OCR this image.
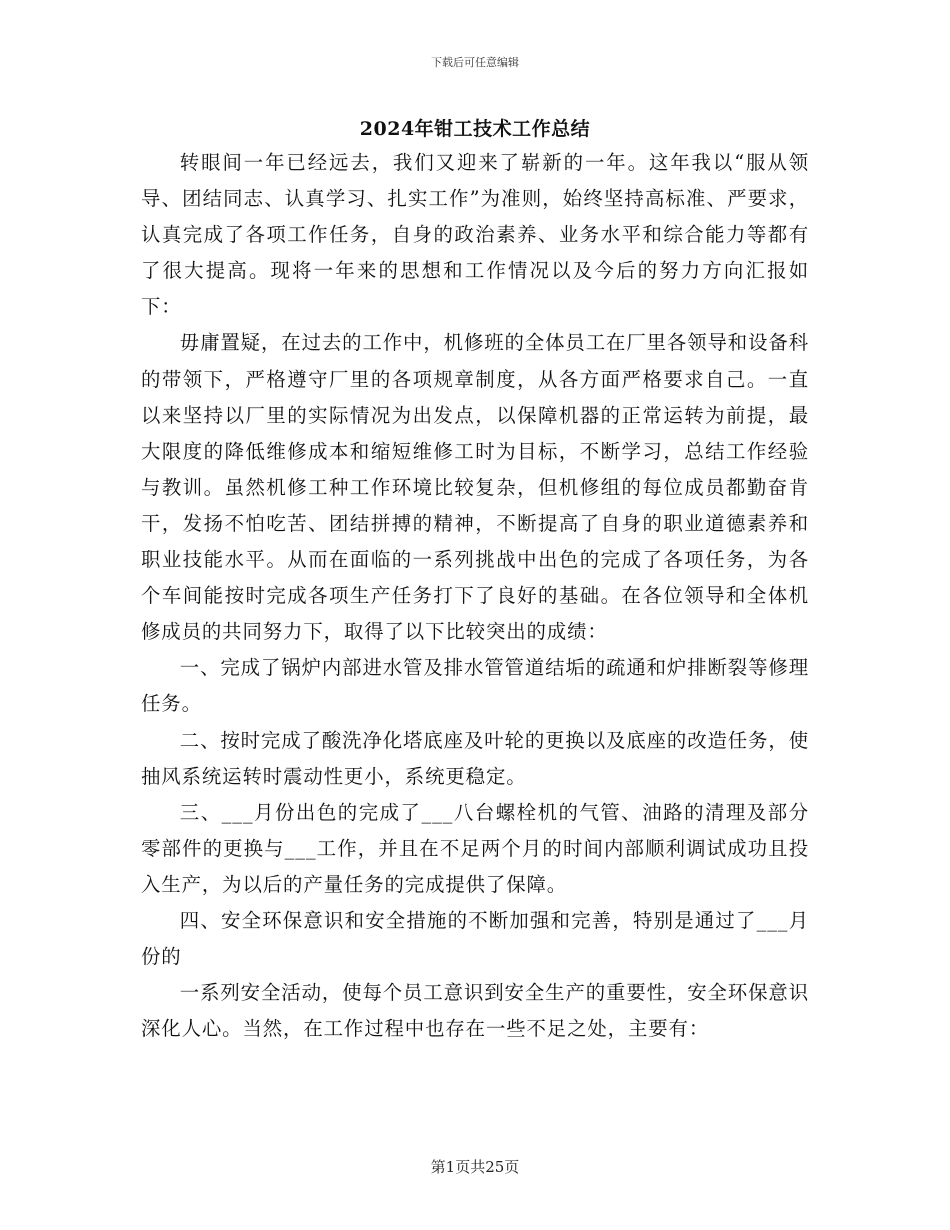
下载后可任意编辑
2024年钳工技术工作总结

转眼间一年已经远去，我们又迎来了崭新的一年。这年我以“服从领导、团结同志、认真学习、扎实工作”为准则，始终坚持高标准、严要求，认真完成了各项工作任务，自身的政治素养、业务水平和综合能力等都有了很大提高。现将一年来的思想和工作情况以及今后的努力方向汇报如下：

毋庸置疑，在过去的工作中，机修班的全体员工在厂里各领导和设备科的带领下，严格遵守厂里的各项规章制度，从各方面严格要求自己。一直以来坚持以厂里的实际情况为出发点，以保障机器的正常运转为前提，最大限度的降低维修成本和缩短维修工时为目标，不断学习，总结工作经验与教训。虽然机修工种工作环境比较复杂，但机修组的每位成员都勤奋肯干，发扬不怕吃苦、团结拼搏的精神，不断提高了自身的职业道德素养和职业技能水平。从而在面临的一系列挑战中出色的完成了各项任务，为各个车间能按时完成各项生产任务打下了良好的基础。在各位领导和全体机修成员的共同努力下，取得了以下比较突出的成绩：

一、完成了锅炉内部进水管及排水管管道结垢的疏通和炉排断裂等修理任务。

二、按时完成了酸洗净化塔底座及叶轮的更换以及底座的改造任务，使抽风系统运转时震动性更小，系统更稳定。

三、___月份出色的完成了___八台螺栓机的气管、油路的清理及部分零部件的更换与___工作，并且在不足两个月的时间内部顺利调试成功且投入生产，为以后的产量任务的完成提供了保障。

四、安全环保意识和安全措施的不断加强和完善，特别是通过了___月份的

一系列安全活动，使每个员工意识到安全生产的重要性，安全环保意识深化人心。当然，在工作过程中也存在一些不足之处，主要有：

第1页共25页
